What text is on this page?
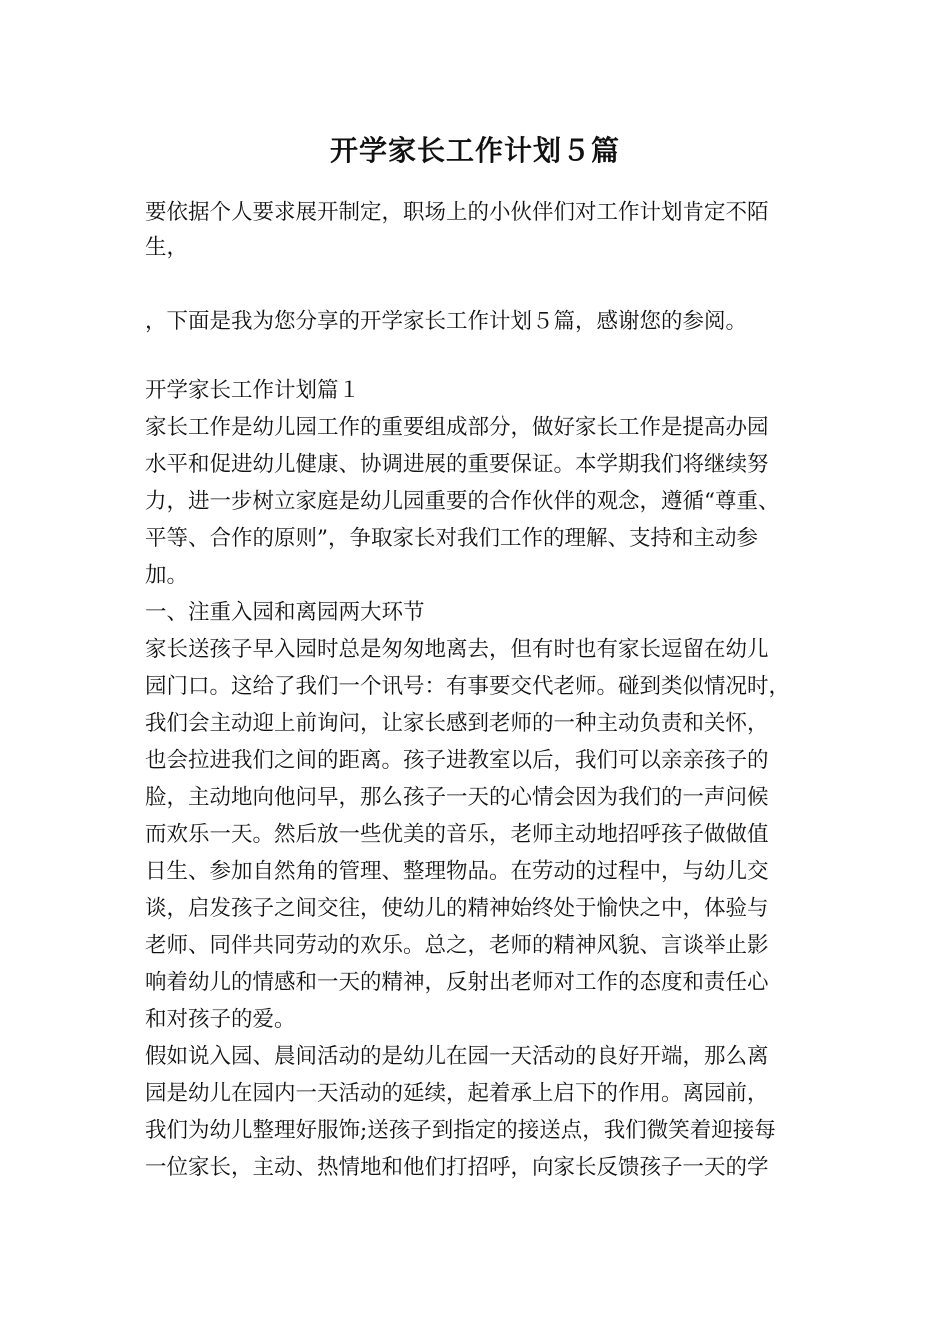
开学家长工作计划５篇
要依据个人要求展开制定，职场上的小伙伴们对工作计划肯定不陌
生，
，下面是我为您分享的开学家长工作计划５篇，感谢您的参阅。
开学家长工作计划篇１
家长工作是幼儿园工作的重要组成部分，做好家长工作是提高办园
水平和促进幼儿健康、协调进展的重要保证。本学期我们将继续努
力，进一步树立家庭是幼儿园重要的合作伙伴的观念，遵循“尊重、
平等、合作的原则”，争取家长对我们工作的理解、支持和主动参
加。
一、注重入园和离园两大环节
家长送孩子早入园时总是匆匆地离去，但有时也有家长逗留在幼儿
园门口。这给了我们一个讯号：有事要交代老师。碰到类似情况时，
我们会主动迎上前询问，让家长感到老师的一种主动负责和关怀，
也会拉进我们之间的距离。孩子进教室以后，我们可以亲亲孩子的
脸，主动地向他问早，那么孩子一天的心情会因为我们的一声问候
而欢乐一天。然后放一些优美的音乐，老师主动地招呼孩子做做值
日生、参加自然角的管理、整理物品。在劳动的过程中，与幼儿交
谈，启发孩子之间交往，使幼儿的精神始终处于愉快之中，体验与
老师、同伴共同劳动的欢乐。总之，老师的精神风貌、言谈举止影
响着幼儿的情感和一天的精神，反射出老师对工作的态度和责任心
和对孩子的爱。
假如说入园、晨间活动的是幼儿在园一天活动的良好开端，那么离
园是幼儿在园内一天活动的延续，起着承上启下的作用。离园前，
我们为幼儿整理好服饰;送孩子到指定的接送点，我们微笑着迎接每
一位家长，主动、热情地和他们打招呼，向家长反馈孩子一天的学
